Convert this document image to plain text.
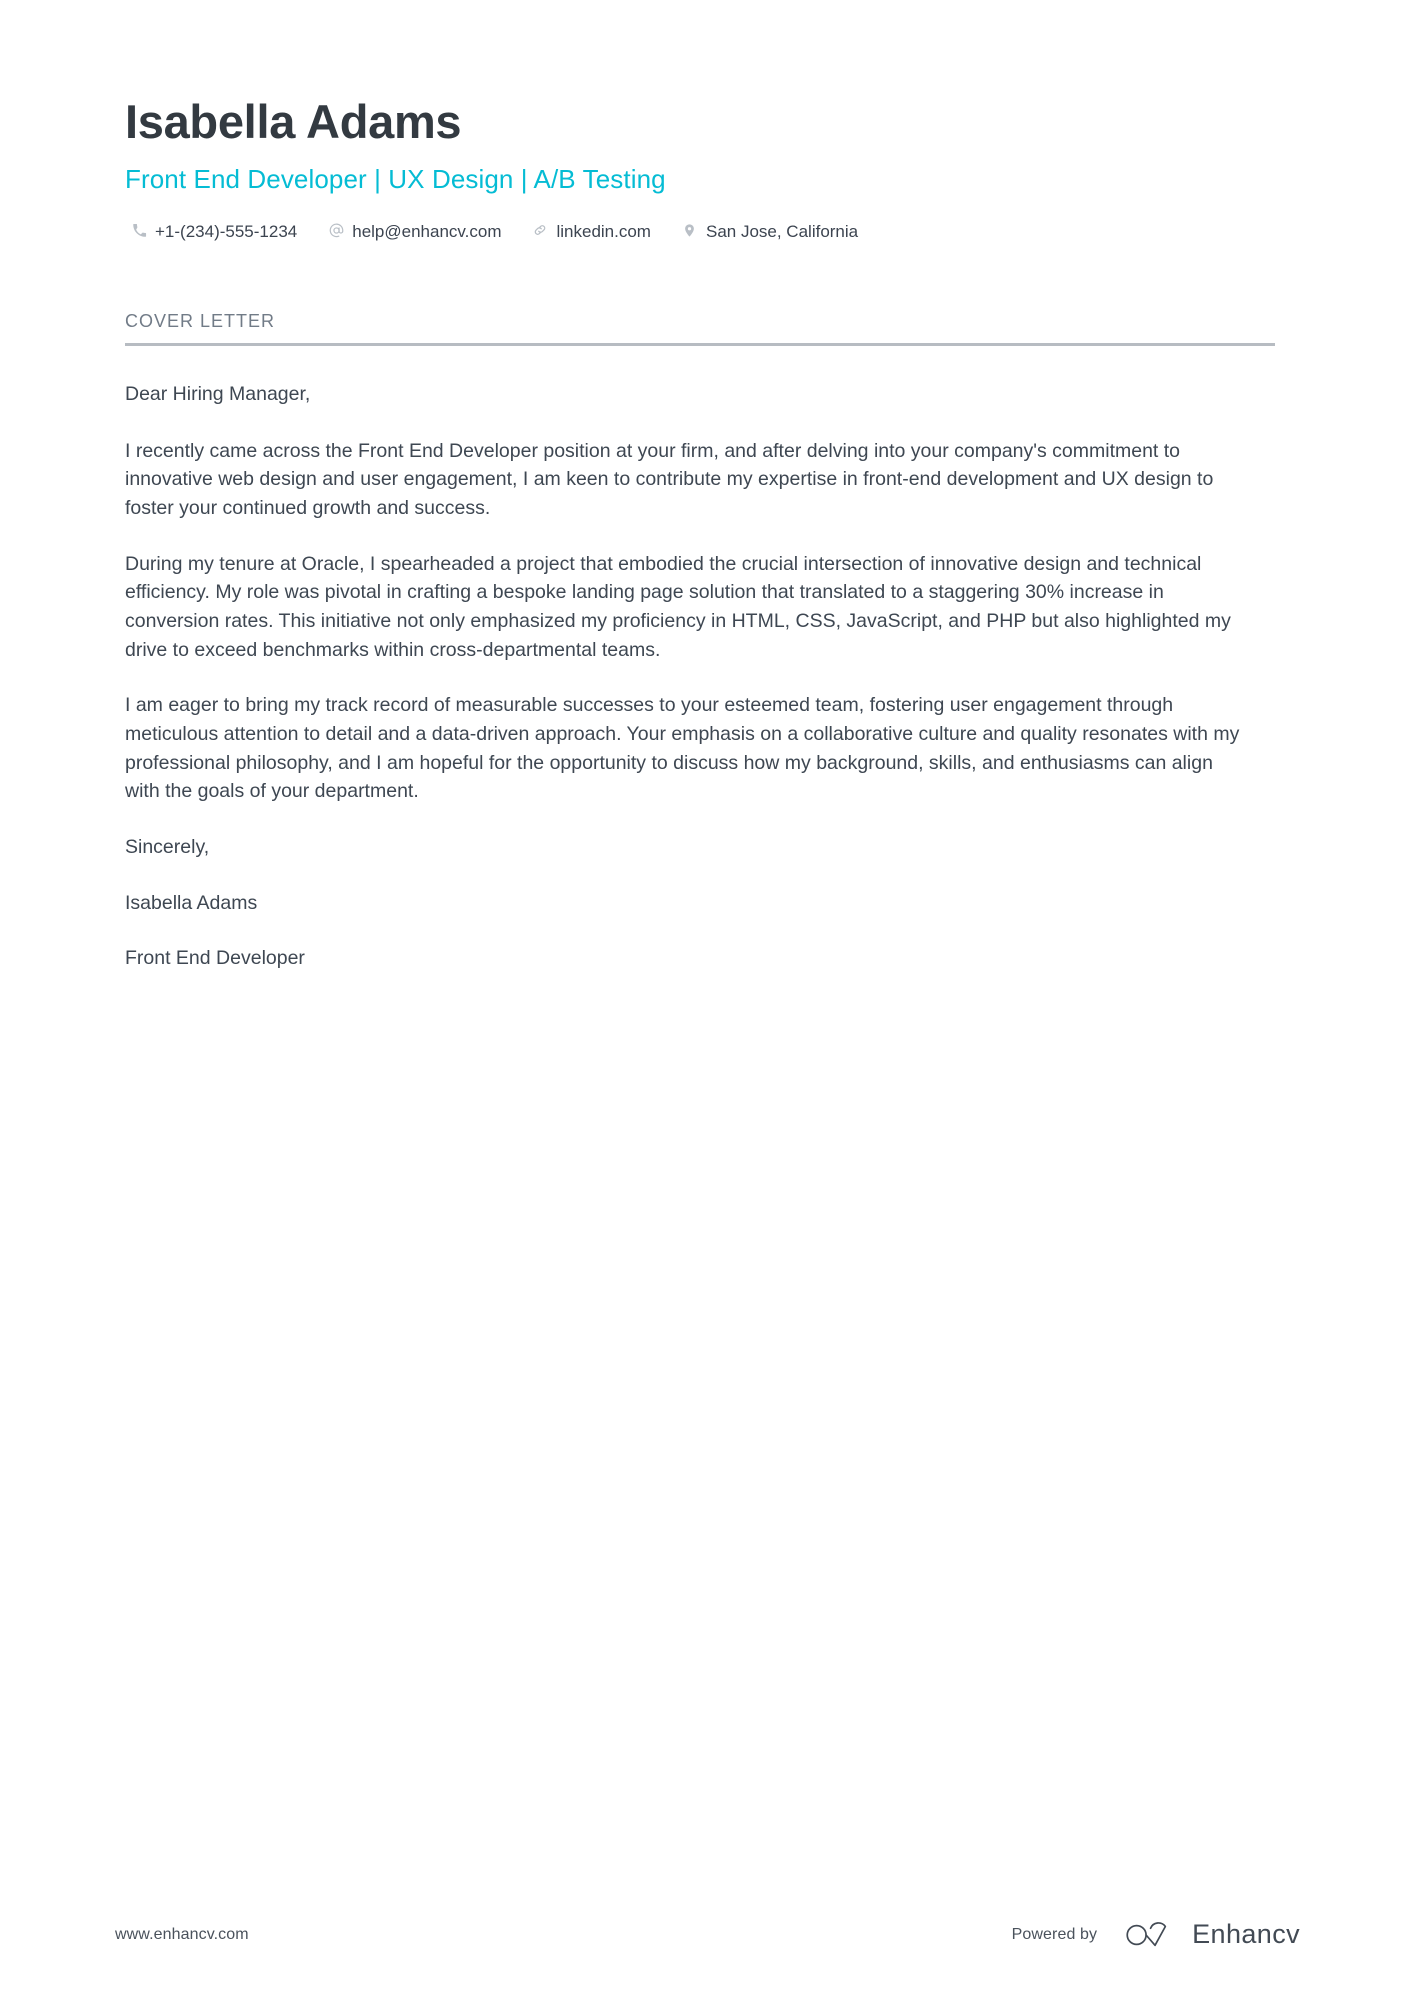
Isabella Adams
Front End Developer | UX Design | A/B Testing
+1-(234)-555-1234	help@enhancv.com	linkedin.com	San Jose, California
COVER LETTER

Dear Hiring Manager,

I recently came across the Front End Developer position at your firm, and after delving into your company's commitment to innovative web design and user engagement, I am keen to contribute my expertise in front-end development and UX design to foster your continued growth and success.

During my tenure at Oracle, I spearheaded a project that embodied the crucial intersection of innovative design and technical efficiency. My role was pivotal in crafting a bespoke landing page solution that translated to a staggering 30% increase in conversion rates. This initiative not only emphasized my proficiency in HTML, CSS, JavaScript, and PHP but also highlighted my drive to exceed benchmarks within cross-departmental teams.

I am eager to bring my track record of measurable successes to your esteemed team, fostering user engagement through meticulous attention to detail and a data-driven approach. Your emphasis on a collaborative culture and quality resonates with my professional philosophy, and I am hopeful for the opportunity to discuss how my background, skills, and enthusiasms can align with the goals of your department.

Sincerely,

Isabella Adams

Front End Developer

www.enhancv.com	Powered by	Enhancv
